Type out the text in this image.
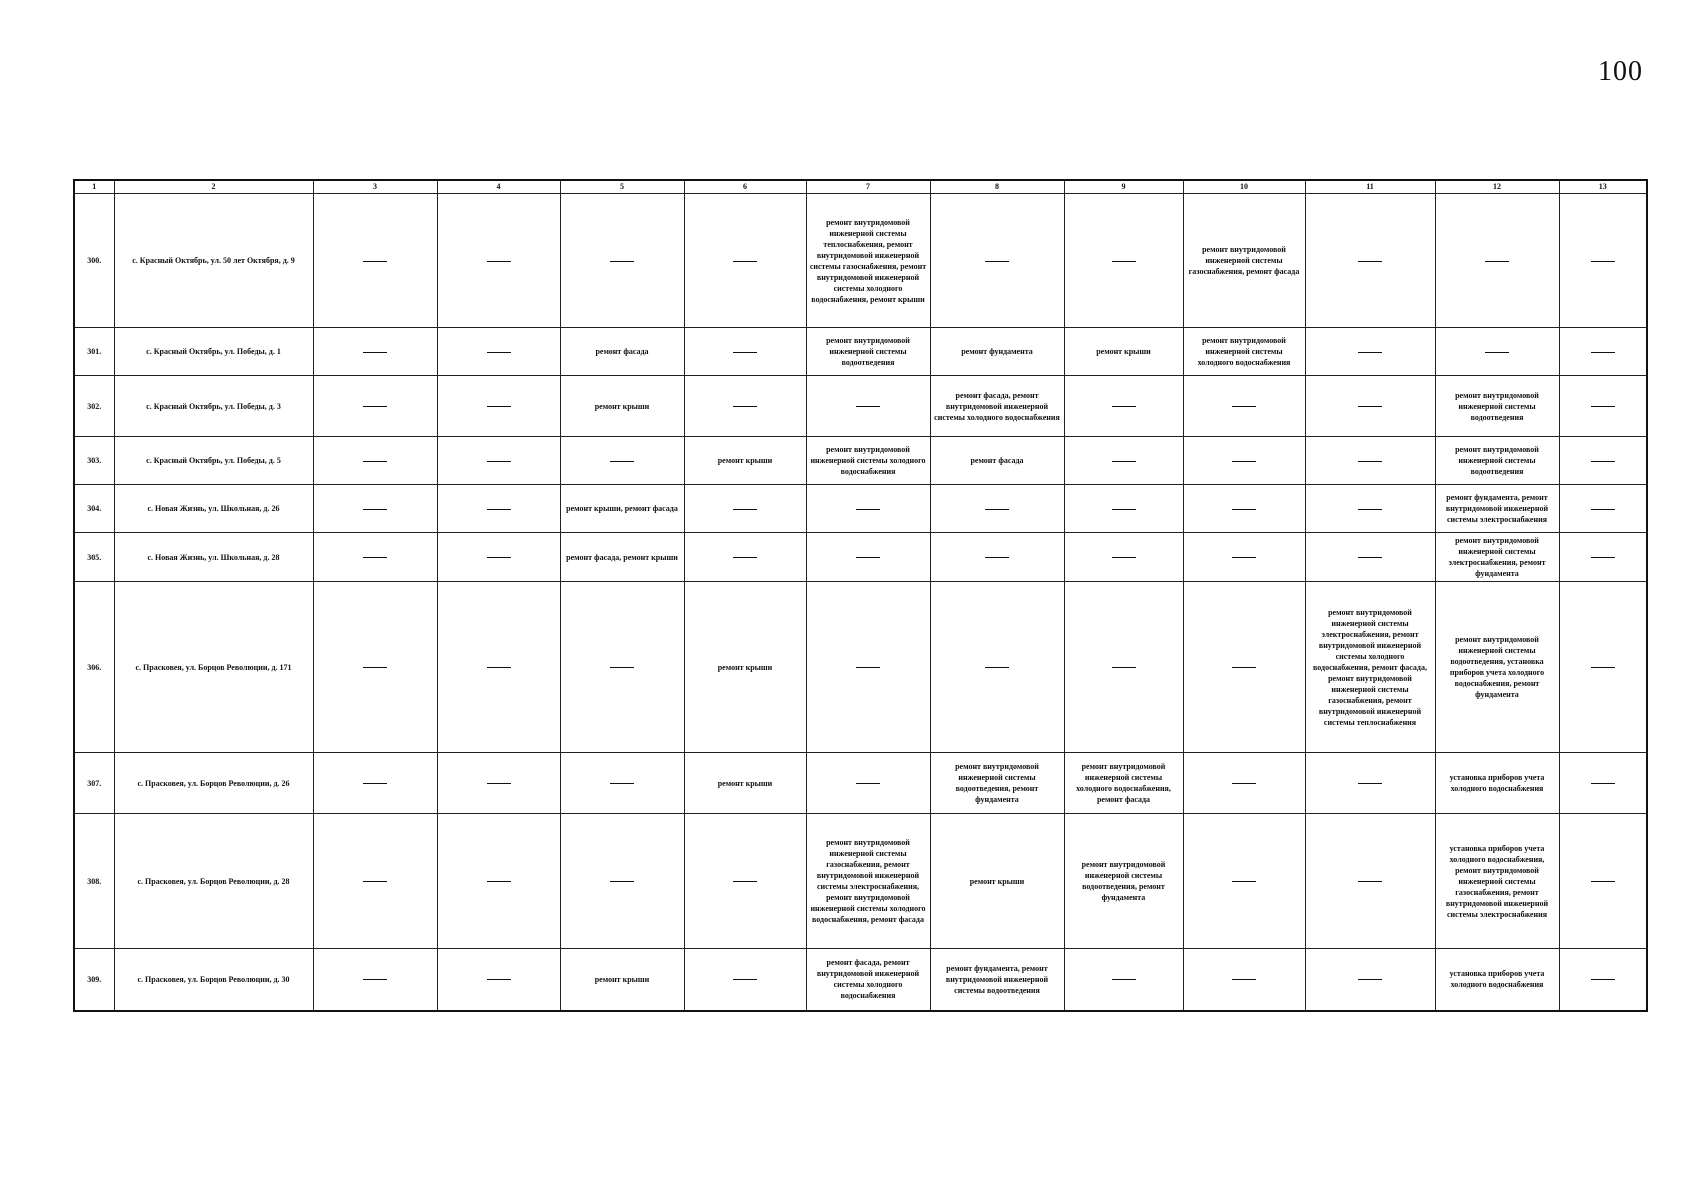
100
1	2	3	4	5	6	7	8	9	10	11	12	13
300.	с. Красный Октябрь, ул. 50 лет Октября, д. 9					ремонт внутридомовой инженерной системы теплоснабжения, ремонт внутридомовой инженерной системы газоснабжения, ремонт внутридомовой инженерной системы холодного водоснабжения, ремонт крыши			ремонт внутридомовой инженерной системы газоснабжения, ремонт фасада			
301.	с. Красный Октябрь, ул. Победы, д. 1			ремонт фасада		ремонт внутридомовой инженерной системы водоотведения	ремонт фундамента	ремонт крыши	ремонт внутридомовой инженерной системы холодного водоснабжения			
302.	с. Красный Октябрь, ул. Победы, д. 3			ремонт крыши			ремонт фасада, ремонт внутридомовой инженерной системы холодного водоснабжения				ремонт внутридомовой инженерной системы водоотведения	
303.	с. Красный Октябрь, ул. Победы, д. 5				ремонт крыши	ремонт внутридомовой инженерной системы холодного водоснабжения	ремонт фасада				ремонт внутридомовой инженерной системы водоотведения	
304.	с. Новая Жизнь, ул. Школьная, д. 26			ремонт крыши, ремонт фасада							ремонт фундамента, ремонт внутридомовой инженерной системы электроснабжения	
305.	с. Новая Жизнь, ул. Школьная, д. 28			ремонт фасада, ремонт крыши							ремонт внутридомовой инженерной системы электроснабжения, ремонт фундамента	
306.	с. Прасковея, ул. Борцов Революции, д. 171				ремонт крыши					ремонт внутридомовой инженерной системы электроснабжения, ремонт внутридомовой инженерной системы холодного водоснабжения, ремонт фасада, ремонт внутридомовой инженерной системы газоснабжения, ремонт внутридомовой инженерной системы теплоснабжения	ремонт внутридомовой инженерной системы водоотведения, установка приборов учета холодного водоснабжения, ремонт фундамента	
307.	с. Прасковея, ул. Борцов Революции, д. 26				ремонт крыши		ремонт внутридомовой инженерной системы водоотведения, ремонт фундамента	ремонт внутридомовой инженерной системы холодного водоснабжения, ремонт фасада			установка приборов учета холодного водоснабжения	
308.	с. Прасковея, ул. Борцов Революции, д. 28					ремонт внутридомовой инженерной системы газоснабжения, ремонт внутридомовой инженерной системы электроснабжения, ремонт внутридомовой инженерной системы холодного водоснабжения, ремонт фасада	ремонт крыши	ремонт внутридомовой инженерной системы водоотведения, ремонт фундамента			установка приборов учета холодного водоснабжения, ремонт внутридомовой инженерной системы газоснабжения, ремонт внутридомовой инженерной системы электроснабжения	
309.	с. Прасковея, ул. Борцов Революции, д. 30			ремонт крыши		ремонт фасада, ремонт внутридомовой инженерной системы холодного водоснабжения	ремонт фундамента, ремонт внутридомовой инженерной системы водоотведения				установка приборов учета холодного водоснабжения	
